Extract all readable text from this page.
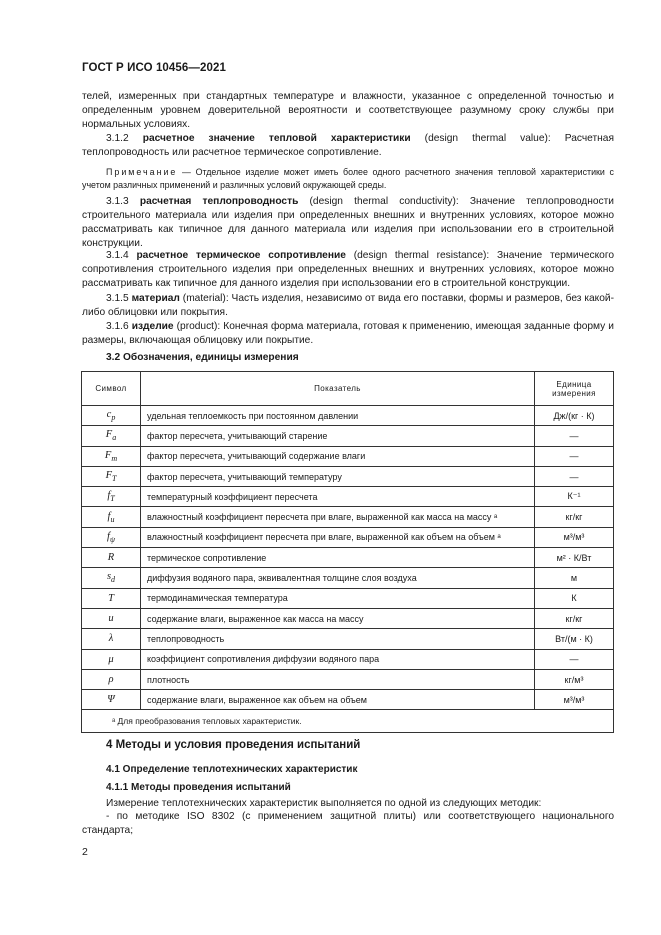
ГОСТ Р ИСО 10456—2021
телей, измеренных при стандартных температуре и влажности, указанное с определенной точностью и определенным уровнем доверительной вероятности и соответствующее разумному сроку службы при нормальных условиях.
3.1.2 расчетное значение тепловой характеристики (design thermal value): Расчетная теплопроводность или расчетное термическое сопротивление.
Примечание — Отдельное изделие может иметь более одного расчетного значения тепловой характеристики с учетом различных применений и различных условий окружающей среды.
3.1.3 расчетная теплопроводность (design thermal conductivity): Значение теплопроводности строительного материала или изделия при определенных внешних и внутренних условиях, которое можно рассматривать как типичное для данного материала или изделия при использовании его в строительной конструкции.
3.1.4 расчетное термическое сопротивление (design thermal resistance): Значение термического сопротивления строительного изделия при определенных внешних и внутренних условиях, которое можно рассматривать как типичное для данного изделия при использовании его в строительной конструкции.
3.1.5 материал (material): Часть изделия, независимо от вида его поставки, формы и размеров, без какой-либо облицовки или покрытия.
3.1.6 изделие (product): Конечная форма материала, готовая к применению, имеющая заданные форму и размеры, включающая облицовку или покрытие.
3.2 Обозначения, единицы измерения
Символ	Показатель	Единица измерения
$c_p$	удельная теплоемкость при постоянном давлении	Дж/(кг · К)
$F_a$	фактор пересчета, учитывающий старение	—
$F_m$	фактор пересчета, учитывающий содержание влаги	—
$F_T$	фактор пересчета, учитывающий температуру	—
$f_T$	температурный коэффициент пересчета	К⁻¹
$f_u$	влажностный коэффициент пересчета при влаге, выраженной как масса на массу ᵃ	кг/кг
$f_\psi$	влажностный коэффициент пересчета при влаге, выраженной как объем на объем ᵃ	м³/м³
R	термическое сопротивление	м² · К/Вт
$s_d$	диффузия водяного пара, эквивалентная толщине слоя воздуха	м
T	термодинамическая температура	К
u	содержание влаги, выраженное как масса на массу	кг/кг
λ	теплопроводность	Вт/(м · К)
μ	коэффициент сопротивления диффузии водяного пара	—
ρ	плотность	кг/м³
Ψ	содержание влаги, выраженное как объем на объем	м³/м³
ᵃ Для преобразования тепловых характеристик.		
4 Методы и условия проведения испытаний
4.1 Определение теплотехнических характеристик
4.1.1 Методы проведения испытаний
Измерение теплотехнических характеристик выполняется по одной из следующих методик:
- по методике ISO 8302 (с применением защитной плиты) или соответствующего национального стандарта;
2
